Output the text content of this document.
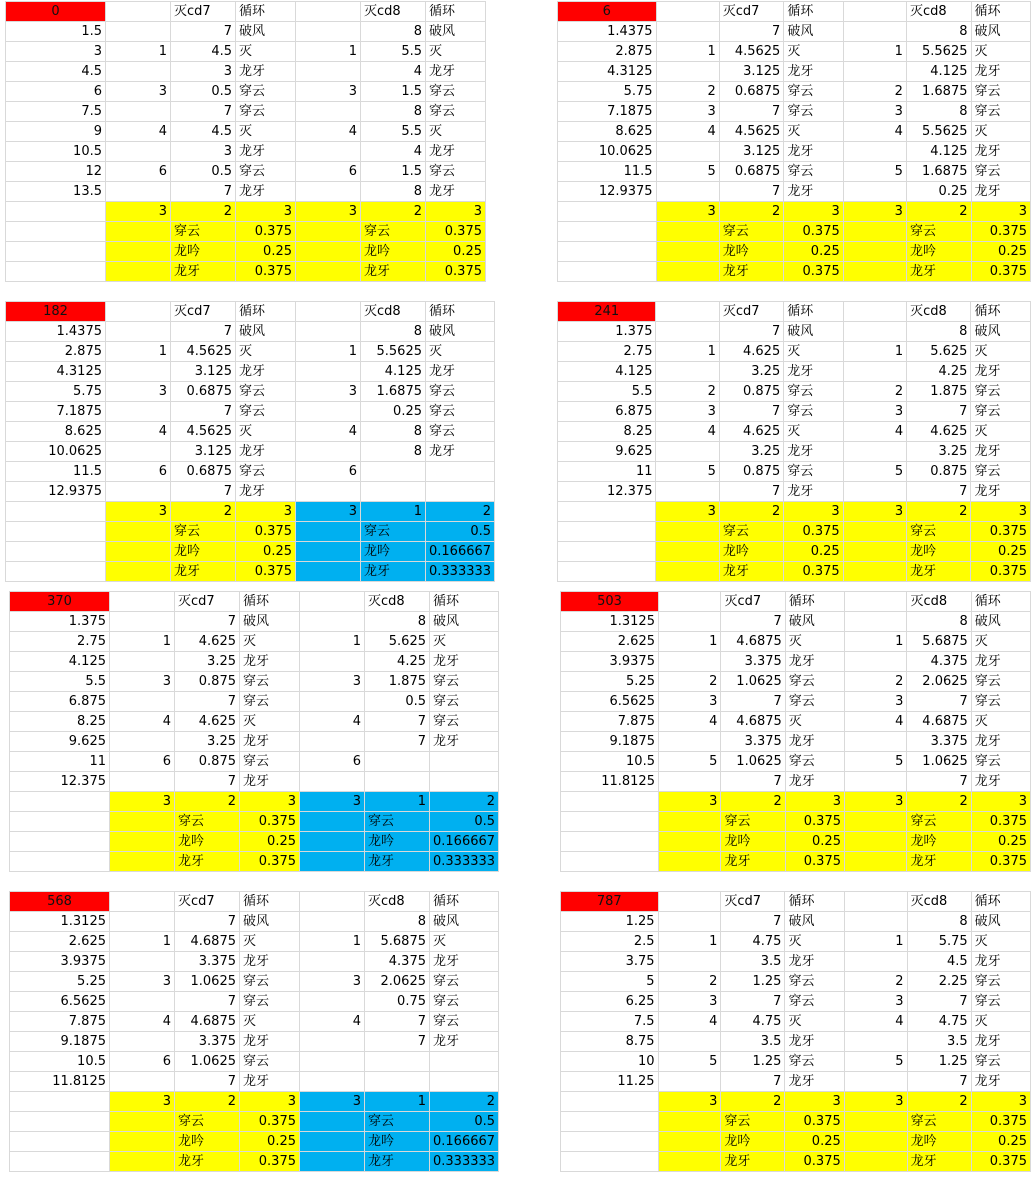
0		灭cd7	循环		灭cd8	循环
1.5		7	破风		8	破风
3	1	4.5	灭	1	5.5	灭
4.5		3	龙牙		4	龙牙
6	3	0.5	穿云	3	1.5	穿云
7.5		7	穿云		8	穿云
9	4	4.5	灭	4	5.5	灭
10.5		3	龙牙		4	龙牙
12	6	0.5	穿云	6	1.5	穿云
13.5		7	龙牙		8	龙牙
	3	2	3	3	2	3
		穿云	0.375		穿云	0.375
		龙吟	0.25		龙吟	0.25
		龙牙	0.375		龙牙	0.375
6		灭cd7	循环		灭cd8	循环
1.4375		7	破风		8	破风
2.875	1	4.5625	灭	1	5.5625	灭
4.3125		3.125	龙牙		4.125	龙牙
5.75	2	0.6875	穿云	2	1.6875	穿云
7.1875	3	7	穿云	3	8	穿云
8.625	4	4.5625	灭	4	5.5625	灭
10.0625		3.125	龙牙		4.125	龙牙
11.5	5	0.6875	穿云	5	1.6875	穿云
12.9375		7	龙牙		0.25	龙牙
	3	2	3	3	2	3
		穿云	0.375		穿云	0.375
		龙吟	0.25		龙吟	0.25
		龙牙	0.375		龙牙	0.375
182		灭cd7	循环		灭cd8	循环
1.4375		7	破风		8	破风
2.875	1	4.5625	灭	1	5.5625	灭
4.3125		3.125	龙牙		4.125	龙牙
5.75	3	0.6875	穿云	3	1.6875	穿云
7.1875		7	穿云		0.25	穿云
8.625	4	4.5625	灭	4	8	穿云
10.0625		3.125	龙牙		8	龙牙
11.5	6	0.6875	穿云	6		
12.9375		7	龙牙			
	3	2	3	3	1	2
		穿云	0.375		穿云	0.5
		龙吟	0.25		龙吟	0.166667
		龙牙	0.375		龙牙	0.333333
241		灭cd7	循环		灭cd8	循环
1.375		7	破风		8	破风
2.75	1	4.625	灭	1	5.625	灭
4.125		3.25	龙牙		4.25	龙牙
5.5	2	0.875	穿云	2	1.875	穿云
6.875	3	7	穿云	3	7	穿云
8.25	4	4.625	灭	4	4.625	灭
9.625		3.25	龙牙		3.25	龙牙
11	5	0.875	穿云	5	0.875	穿云
12.375		7	龙牙		7	龙牙
	3	2	3	3	2	3
		穿云	0.375		穿云	0.375
		龙吟	0.25		龙吟	0.25
		龙牙	0.375		龙牙	0.375
370		灭cd7	循环		灭cd8	循环
1.375		7	破风		8	破风
2.75	1	4.625	灭	1	5.625	灭
4.125		3.25	龙牙		4.25	龙牙
5.5	3	0.875	穿云	3	1.875	穿云
6.875		7	穿云		0.5	穿云
8.25	4	4.625	灭	4	7	穿云
9.625		3.25	龙牙		7	龙牙
11	6	0.875	穿云	6		
12.375		7	龙牙			
	3	2	3	3	1	2
		穿云	0.375		穿云	0.5
		龙吟	0.25		龙吟	0.166667
		龙牙	0.375		龙牙	0.333333
503		灭cd7	循环		灭cd8	循环
1.3125		7	破风		8	破风
2.625	1	4.6875	灭	1	5.6875	灭
3.9375		3.375	龙牙		4.375	龙牙
5.25	2	1.0625	穿云	2	2.0625	穿云
6.5625	3	7	穿云	3	7	穿云
7.875	4	4.6875	灭	4	4.6875	灭
9.1875		3.375	龙牙		3.375	龙牙
10.5	5	1.0625	穿云	5	1.0625	穿云
11.8125		7	龙牙		7	龙牙
	3	2	3	3	2	3
		穿云	0.375		穿云	0.375
		龙吟	0.25		龙吟	0.25
		龙牙	0.375		龙牙	0.375
568		灭cd7	循环		灭cd8	循环
1.3125		7	破风		8	破风
2.625	1	4.6875	灭	1	5.6875	灭
3.9375		3.375	龙牙		4.375	龙牙
5.25	3	1.0625	穿云	3	2.0625	穿云
6.5625		7	穿云		0.75	穿云
7.875	4	4.6875	灭	4	7	穿云
9.1875		3.375	龙牙		7	龙牙
10.5	6	1.0625	穿云			
11.8125		7	龙牙			
	3	2	3	3	1	2
		穿云	0.375		穿云	0.5
		龙吟	0.25		龙吟	0.166667
		龙牙	0.375		龙牙	0.333333
787		灭cd7	循环		灭cd8	循环
1.25		7	破风		8	破风
2.5	1	4.75	灭	1	5.75	灭
3.75		3.5	龙牙		4.5	龙牙
5	2	1.25	穿云	2	2.25	穿云
6.25	3	7	穿云	3	7	穿云
7.5	4	4.75	灭	4	4.75	灭
8.75		3.5	龙牙		3.5	龙牙
10	5	1.25	穿云	5	1.25	穿云
11.25		7	龙牙		7	龙牙
	3	2	3	3	2	3
		穿云	0.375		穿云	0.375
		龙吟	0.25		龙吟	0.25
		龙牙	0.375		龙牙	0.375
